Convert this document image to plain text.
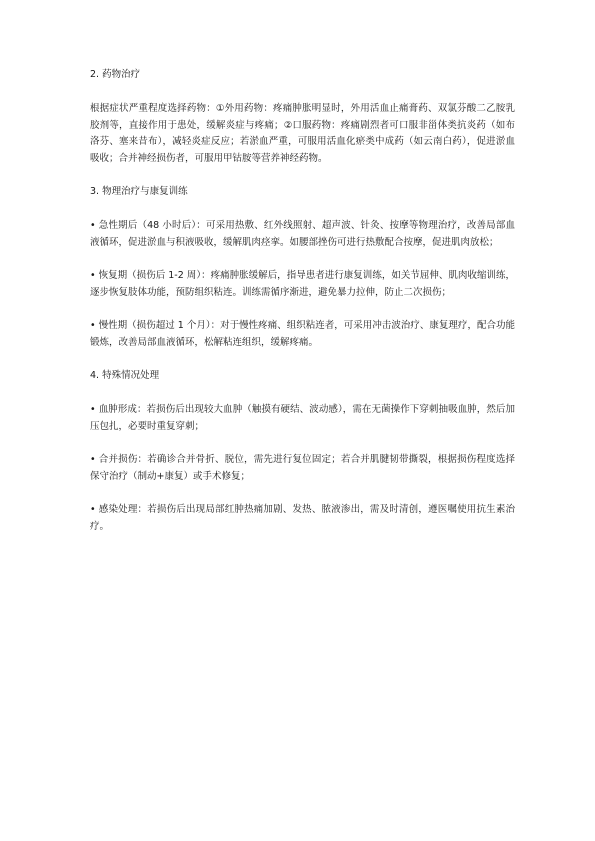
2. 药物治疗

根据症状严重程度选择药物：①外用药物：疼痛肿胀明显时，外用活血止痛膏药、双氯芬酸二乙胺乳胶剂等，直接作用于患处，缓解炎症与疼痛；②口服药物：疼痛剧烈者可口服非甾体类抗炎药（如布洛芬、塞来昔布），减轻炎症反应；若淤血严重，可服用活血化瘀类中成药（如云南白药），促进淤血吸收；合并神经损伤者，可服用甲钴胺等营养神经药物。

3. 物理治疗与康复训练

• 急性期后（48 小时后）：可采用热敷、红外线照射、超声波、针灸、按摩等物理治疗，改善局部血液循环，促进淤血与积液吸收，缓解肌肉痉挛。如腰部挫伤可进行热敷配合按摩，促进肌肉放松；

• 恢复期（损伤后 1-2 周）：疼痛肿胀缓解后，指导患者进行康复训练，如关节屈伸、肌肉收缩训练，逐步恢复肢体功能，预防组织粘连。训练需循序渐进，避免暴力拉伸，防止二次损伤；

• 慢性期（损伤超过 1 个月）：对于慢性疼痛、组织粘连者，可采用冲击波治疗、康复理疗，配合功能锻炼，改善局部血液循环，松解粘连组织，缓解疼痛。

4. 特殊情况处理

• 血肿形成：若损伤后出现较大血肿（触摸有硬结、波动感），需在无菌操作下穿刺抽吸血肿，然后加压包扎，必要时重复穿刺；

• 合并损伤：若确诊合并骨折、脱位，需先进行复位固定；若合并肌腱韧带撕裂，根据损伤程度选择保守治疗（制动+康复）或手术修复；

• 感染处理：若损伤后出现局部红肿热痛加剧、发热、脓液渗出，需及时清创，遵医嘱使用抗生素治疗。
